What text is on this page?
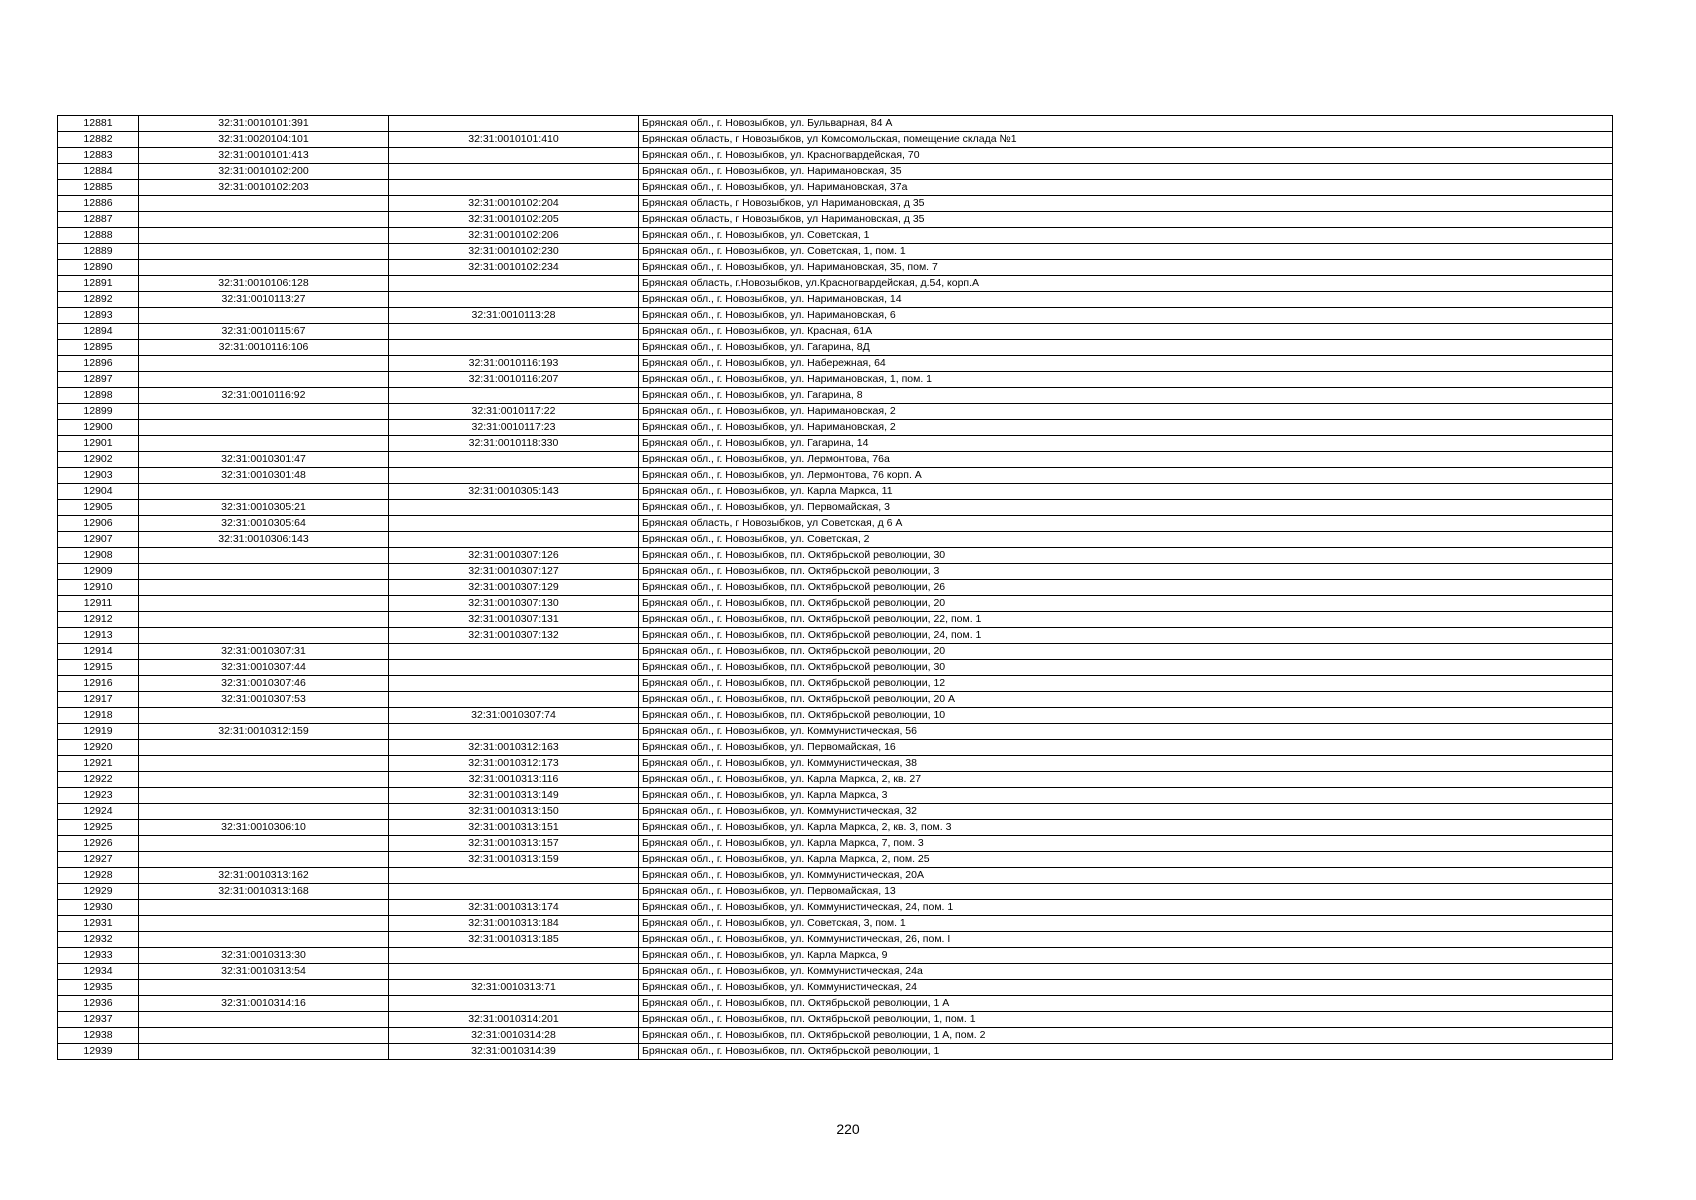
12881	32:31:0010101:391		Брянская обл., г. Новозыбков, ул. Бульварная, 84 А
12882	32:31:0020104:101	32:31:0010101:410	Брянская область, г Новозыбков, ул Комсомольская, помещение склада №1
12883	32:31:0010101:413		Брянская обл., г. Новозыбков, ул. Красногвардейская, 70
12884	32:31:0010102:200		Брянская обл., г. Новозыбков, ул. Наримановская, 35
12885	32:31:0010102:203		Брянская обл., г. Новозыбков, ул. Наримановская, 37а
12886		32:31:0010102:204	Брянская область, г Новозыбков, ул Наримановская, д 35
12887		32:31:0010102:205	Брянская область, г Новозыбков, ул Наримановская, д 35
12888		32:31:0010102:206	Брянская обл., г. Новозыбков, ул. Советская, 1
12889		32:31:0010102:230	Брянская обл., г. Новозыбков, ул. Советская, 1, пом. 1
12890		32:31:0010102:234	Брянская обл., г. Новозыбков, ул. Наримановская, 35, пом. 7
12891	32:31:0010106:128		Брянская область, г.Новозыбков, ул.Красногвардейская, д.54, корп.А
12892	32:31:0010113:27		Брянская обл., г. Новозыбков, ул. Наримановская, 14
12893		32:31:0010113:28	Брянская обл., г. Новозыбков, ул. Наримановская, 6
12894	32:31:0010115:67		Брянская обл., г. Новозыбков, ул. Красная, 61А
12895	32:31:0010116:106		Брянская обл., г. Новозыбков, ул. Гагарина, 8Д
12896		32:31:0010116:193	Брянская обл., г. Новозыбков, ул. Набережная, 64
12897		32:31:0010116:207	Брянская обл., г. Новозыбков, ул. Наримановская, 1, пом. 1
12898	32:31:0010116:92		Брянская обл., г. Новозыбков, ул. Гагарина, 8
12899		32:31:0010117:22	Брянская обл., г. Новозыбков, ул. Наримановская, 2
12900		32:31:0010117:23	Брянская обл., г. Новозыбков, ул. Наримановская, 2
12901		32:31:0010118:330	Брянская обл., г. Новозыбков, ул. Гагарина, 14
12902	32:31:0010301:47		Брянская обл., г. Новозыбков, ул. Лермонтова, 76а
12903	32:31:0010301:48		Брянская обл., г. Новозыбков, ул. Лермонтова, 76 корп. А
12904		32:31:0010305:143	Брянская обл., г. Новозыбков, ул. Карла Маркса, 11
12905	32:31:0010305:21		Брянская обл., г. Новозыбков, ул. Первомайская, 3
12906	32:31:0010305:64		Брянская область, г Новозыбков, ул Советская, д 6 А
12907	32:31:0010306:143		Брянская обл., г. Новозыбков, ул. Советская, 2
12908		32:31:0010307:126	Брянская обл., г. Новозыбков, пл. Октябрьской революции, 30
12909		32:31:0010307:127	Брянская обл., г. Новозыбков, пл. Октябрьской революции, 3
12910		32:31:0010307:129	Брянская обл., г. Новозыбков, пл. Октябрьской революции, 26
12911		32:31:0010307:130	Брянская обл., г. Новозыбков, пл. Октябрьской революции, 20
12912		32:31:0010307:131	Брянская обл., г. Новозыбков, пл. Октябрьской революции, 22, пом. 1
12913		32:31:0010307:132	Брянская обл., г. Новозыбков, пл. Октябрьской революции, 24, пом. 1
12914	32:31:0010307:31		Брянская обл., г. Новозыбков, пл. Октябрьской революции, 20
12915	32:31:0010307:44		Брянская обл., г. Новозыбков, пл. Октябрьской революции, 30
12916	32:31:0010307:46		Брянская обл., г. Новозыбков, пл. Октябрьской революции, 12
12917	32:31:0010307:53		Брянская обл., г. Новозыбков, пл. Октябрьской революции, 20 А
12918		32:31:0010307:74	Брянская обл., г. Новозыбков, пл. Октябрьской революции, 10
12919	32:31:0010312:159		Брянская обл., г. Новозыбков, ул. Коммунистическая, 56
12920		32:31:0010312:163	Брянская обл., г. Новозыбков, ул. Первомайская, 16
12921		32:31:0010312:173	Брянская обл., г. Новозыбков, ул. Коммунистическая, 38
12922		32:31:0010313:116	Брянская обл., г. Новозыбков, ул. Карла Маркса, 2, кв. 27
12923		32:31:0010313:149	Брянская обл., г. Новозыбков, ул. Карла Маркса, 3
12924		32:31:0010313:150	Брянская обл., г. Новозыбков, ул. Коммунистическая, 32
12925	32:31:0010306:10	32:31:0010313:151	Брянская обл., г. Новозыбков, ул. Карла Маркса, 2, кв. 3, пом. 3
12926		32:31:0010313:157	Брянская обл., г. Новозыбков, ул. Карла Маркса, 7, пом. 3
12927		32:31:0010313:159	Брянская обл., г. Новозыбков, ул. Карла Маркса, 2, пом. 25
12928	32:31:0010313:162		Брянская обл., г. Новозыбков, ул. Коммунистическая, 20А
12929	32:31:0010313:168		Брянская обл., г. Новозыбков, ул. Первомайская, 13
12930		32:31:0010313:174	Брянская обл., г. Новозыбков, ул. Коммунистическая, 24, пом. 1
12931		32:31:0010313:184	Брянская обл., г. Новозыбков, ул. Советская, 3, пом. 1
12932		32:31:0010313:185	Брянская обл., г. Новозыбков, ул. Коммунистическая, 26, пом. I
12933	32:31:0010313:30		Брянская обл., г. Новозыбков, ул. Карла Маркса, 9
12934	32:31:0010313:54		Брянская обл., г. Новозыбков, ул. Коммунистическая, 24а
12935		32:31:0010313:71	Брянская обл., г. Новозыбков, ул. Коммунистическая, 24
12936	32:31:0010314:16		Брянская обл., г. Новозыбков, пл. Октябрьской революции, 1 А
12937		32:31:0010314:201	Брянская обл., г. Новозыбков, пл. Октябрьской революции, 1, пом. 1
12938		32:31:0010314:28	Брянская обл., г. Новозыбков, пл. Октябрьской революции, 1 А, пом. 2
12939		32:31:0010314:39	Брянская обл., г. Новозыбков, пл. Октябрьской революции, 1
220
